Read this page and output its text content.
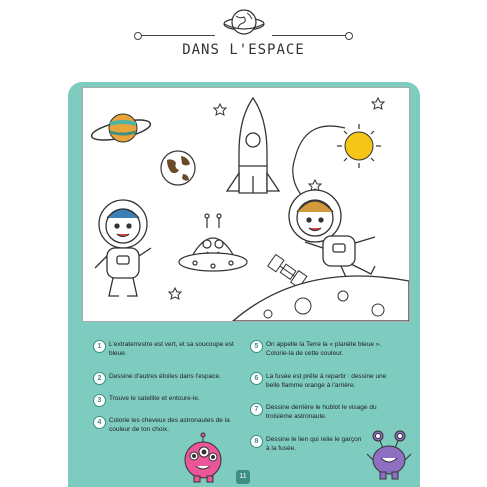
DANS L'ESPACE
1	L'extraterrestre est vert, et sa soucoupe est bleue.
2	Dessine d'autres étoiles dans l'espace.
3	Trouve le satellite et entoure-le.
4	Colorie les cheveux des astronautes de la couleur de ton choix.
5	On appelle la Terre la « planète bleue ». Colorie-la de cette couleur.
6	La fusée est prête à repartir : dessine une belle flamme orange à l'arrière.
7	Dessine derrière le hublot le visage du troisième astronaute.
8	Dessine le lien qui relie le garçon à la fusée.
11
